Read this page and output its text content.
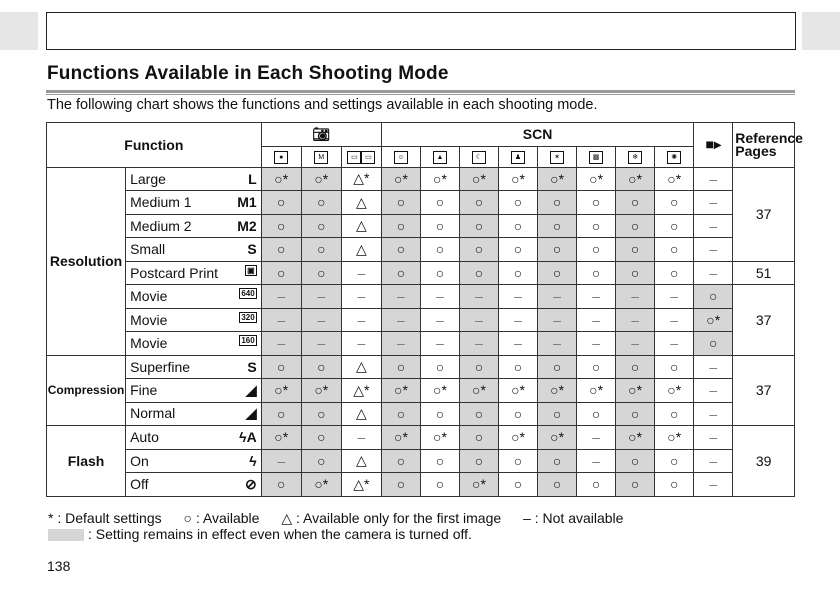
Functions Available in Each Shooting Mode
The following chart shows the functions and settings available in each shooting mode.
Function		📷︎			SCN								■▸	Reference Pages
		●	M	▭ ▭	☺	▲	☾	♟	✶	▩	❄	✺		
Resolution	Large L	○*	○*	△*	○*	○*	○*	○*	○*	○*	○*	○*	–	37
	Medium 1 M1	○	○	△	○	○	○	○	○	○	○	○	–	
	Medium 2 M2	○	○	△	○	○	○	○	○	○	○	○	–	
	Small S	○	○	△	○	○	○	○	○	○	○	○	–	
	Postcard Print ▣	○	○	–	○	○	○	○	○	○	○	○	–	51
	Movie 640	–	–	–	–	–	–	–	–	–	–	–	○	37
	Movie 320	–	–	–	–	–	–	–	–	–	–	–	○*	
	Movie 160	–	–	–	–	–	–	–	–	–	–	–	○	
Compression	Superfine S	○	○	△	○	○	○	○	○	○	○	○	–	37
	Fine ◢	○*	○*	△*	○*	○*	○*	○*	○*	○*	○*	○*	–	
	Normal ◢	○	○	△	○	○	○	○	○	○	○	○	–	
Flash	Auto ϟA	○*	○	–	○*	○*	○	○*	○*	–	○*	○*	–	39
	On ϟ	–	○	△	○	○	○	○	○	–	○	○	–	
	Off ⊘	○	○*	△*	○	○	○*	○	○	○	○	○	–	
* : Default settings ○ : Available △ : Available only for the first image – : Not available
: Setting remains in effect even when the camera is turned off.
138
